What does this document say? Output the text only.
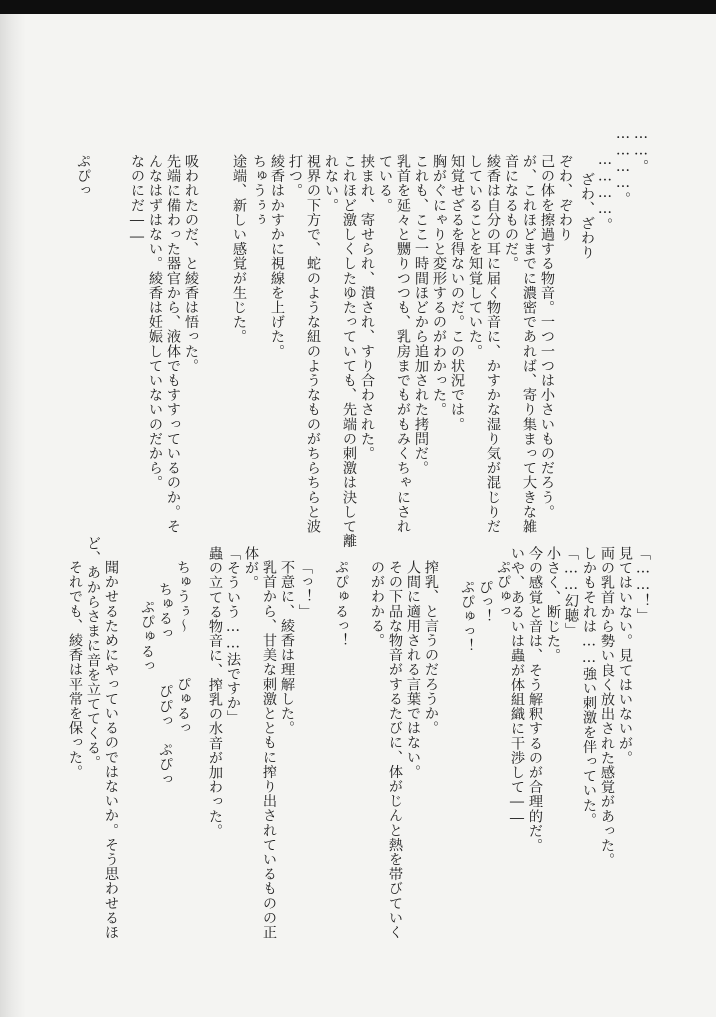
……。

…………。

…………。

ざわ、ざわり

ぞわ、ぞわり

己の体を擦過する物音。一つ一つは小さいものだろう。

が、これほどまでに濃密であれば、寄り集まって大きな雑

音になるものだ。

綾香は自分の耳に届く物音に、かすかな湿り気が混じりだ

していることを知覚していた。

知覚せざるを得ないのだ。この状況では。

胸がぐにゃりと変形するのがわかった。

これも、ここ一時間ほどから追加された拷問だ。

乳首を延々と嬲りつつも、乳房までもがもみくちゃにされ

ている。

挟まれ、寄せられ、潰され、すり合わされた。

これほど激しくしたゆたっていても、先端の刺激は決して離

れない。

視界の下方で、蛇のような紐のようなものがちらちらと波

打つ。

綾香はかすかに視線を上げた。

ちゅうぅぅ

途端、新しい感覚が生じた。

吸われたのだ、と綾香は悟った。

先端に備わった器官から、液体でもすすっているのか。そ

んなはずはない。綾香は妊娠していないのだから。

なのにだ――

ぷぴっ

「……！」

見てはいない。見てはいないが。

両の乳首から勢い良く放出された感覚があった。

しかもそれは……強い刺激を伴っていた。

「……幻聴」

小さく、断じた。

今の感覚と音は、そう解釈するのが合理的だ。

いや、あるいは蟲が体組織に干渉して――

ぷぴゅっ

ぴっ！

ぷぴゅっ！

搾乳、と言うのだろうか。

人間に適用される言葉ではない。

その下品な物音がするたびに、体がじんと熱を帯びていく

のがわかる。

ぷぴゅるっ！

「っ！」

不意に、綾香は理解した。

乳首から、甘美な刺激とともに搾り出されているものの正

体が。

「そういう……法ですか」

蟲の立てる物音に、搾乳の水音が加わった。

ちゅうぅ～　　　ぴゅるっ

ちゅるっ　　　ぴぴっ　ぷぴっ

ぷぴゅるっ

聞かせるためにやっているのではないか。そう思わせるほ

ど、あからさまに音を立ててくる。

それでも、綾香は平常を保った。
